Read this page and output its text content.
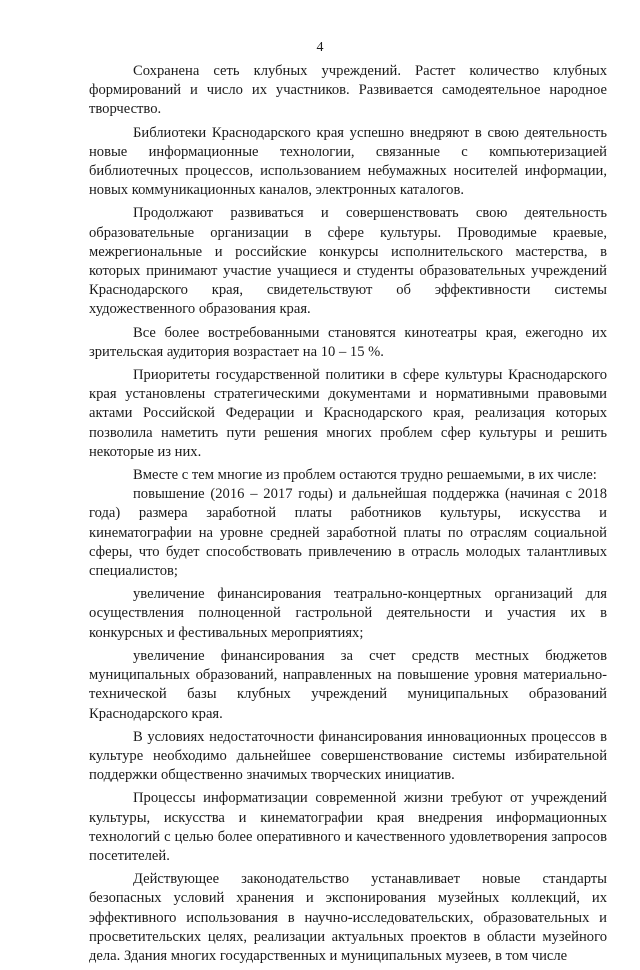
4

Сохранена сеть клубных учреждений. Растет количество клубных формирований и число их участников. Развивается самодеятельное народное творчество.

Библиотеки Краснодарского края успешно внедряют в свою деятельность новые информационные технологии, связанные с компьютеризацией библиотечных процессов, использованием небумажных носителей информации, новых коммуникационных каналов, электронных каталогов.

Продолжают развиваться и совершенствовать свою деятельность образовательные организации в сфере культуры. Проводимые краевые, межрегиональные и российские конкурсы исполнительского мастерства, в которых принимают участие учащиеся и студенты образовательных учреждений Краснодарского края, свидетельствуют об эффективности системы художественного образования края.

Все более востребованными становятся кинотеатры края, ежегодно их зрительская аудитория возрастает на 10 – 15 %.

Приоритеты государственной политики в сфере культуры Краснодарского края установлены стратегическими документами и нормативными правовыми актами Российской Федерации и Краснодарского края, реализация которых позволила наметить пути решения многих проблем сфер культуры и решить некоторые из них.

Вместе с тем многие из проблем остаются трудно решаемыми, в их числе:

повышение (2016 – 2017 годы) и дальнейшая поддержка (начиная с 2018 года) размера заработной платы работников культуры, искусства и кинематографии на уровне средней заработной платы по отраслям социальной сферы, что будет способствовать привлечению в отрасль молодых талантливых специалистов;

увеличение финансирования театрально-концертных организаций для осуществления полноценной гастрольной деятельности и участия их в конкурсных и фестивальных мероприятиях;

увеличение финансирования за счет средств местных бюджетов муниципальных образований, направленных на повышение уровня материально-технической базы клубных учреждений муниципальных образований Краснодарского края.

В условиях недостаточности финансирования инновационных процессов в культуре необходимо дальнейшее совершенствование системы избирательной поддержки общественно значимых творческих инициатив.

Процессы информатизации современной жизни требуют от учреждений культуры, искусства и кинематографии края внедрения информационных технологий с целью более оперативного и качественного удовлетворения запросов посетителей.

Действующее законодательство устанавливает новые стандарты безопасных условий хранения и экспонирования музейных коллекций, их эффективного использования в научно-исследовательских, образовательных и просветительских целях, реализации актуальных проектов в области музейного дела. Здания многих государственных и муниципальных музеев, в том числе
